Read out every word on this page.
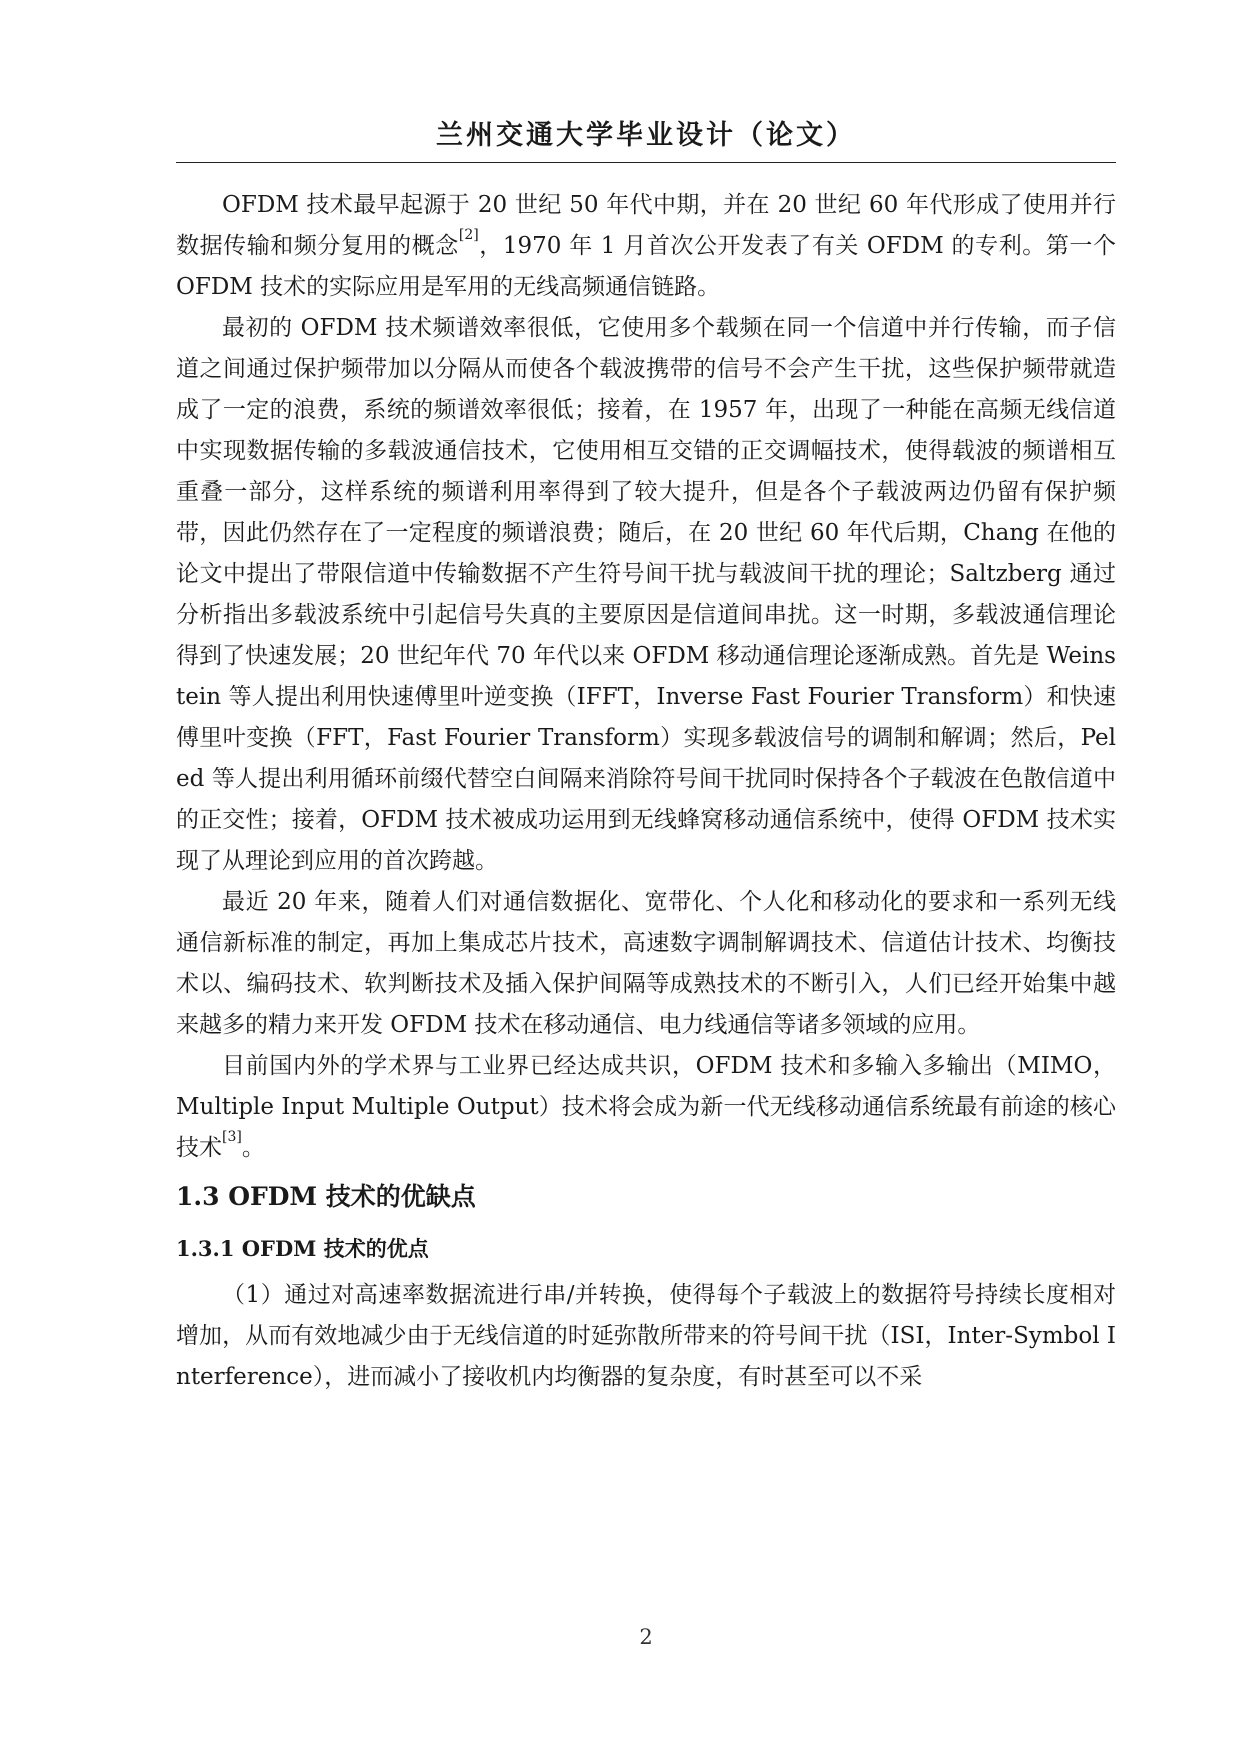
兰州交通大学毕业设计（论文）

OFDM 技术最早起源于 20 世纪 50 年代中期，并在 20 世纪 60 年代形成了使用并行数据传输和频分复用的概念[2]，1970 年 1 月首次公开发表了有关 OFDM 的专利。第一个 OFDM 技术的实际应用是军用的无线高频通信链路。

最初的 OFDM 技术频谱效率很低，它使用多个载频在同一个信道中并行传输，而子信道之间通过保护频带加以分隔从而使各个载波携带的信号不会产生干扰，这些保护频带就造成了一定的浪费，系统的频谱效率很低；接着，在 1957 年，出现了一种能在高频无线信道中实现数据传输的多载波通信技术，它使用相互交错的正交调幅技术，使得载波的频谱相互重叠一部分，这样系统的频谱利用率得到了较大提升，但是各个子载波两边仍留有保护频带，因此仍然存在了一定程度的频谱浪费；随后，在 20 世纪 60 年代后期，Chang 在他的论文中提出了带限信道中传输数据不产生符号间干扰与载波间干扰的理论；Saltzberg 通过分析指出多载波系统中引起信号失真的主要原因是信道间串扰。这一时期，多载波通信理论得到了快速发展；20 世纪年代 70 年代以来 OFDM 移动通信理论逐渐成熟。首先是 Weinstein 等人提出利用快速傅里叶逆变换（IFFT，Inverse Fast Fourier Transform）和快速傅里叶变换（FFT，Fast Fourier Transform）实现多载波信号的调制和解调；然后，Peled 等人提出利用循环前缀代替空白间隔来消除符号间干扰同时保持各个子载波在色散信道中的正交性；接着，OFDM 技术被成功运用到无线蜂窝移动通信系统中，使得 OFDM 技术实现了从理论到应用的首次跨越。

最近 20 年来，随着人们对通信数据化、宽带化、个人化和移动化的要求和一系列无线通信新标准的制定，再加上集成芯片技术，高速数字调制解调技术、信道估计技术、均衡技术以、编码技术、软判断技术及插入保护间隔等成熟技术的不断引入，人们已经开始集中越来越多的精力来开发 OFDM 技术在移动通信、电力线通信等诸多领域的应用。

目前国内外的学术界与工业界已经达成共识，OFDM 技术和多输入多输出（MIMO，Multiple Input Multiple Output）技术将会成为新一代无线移动通信系统最有前途的核心技术[3]。

1.3 OFDM 技术的优缺点
1.3.1 OFDM 技术的优点

（1）通过对高速率数据流进行串/并转换，使得每个子载波上的数据符号持续长度相对增加，从而有效地减少由于无线信道的时延弥散所带来的符号间干扰（ISI，Inter-Symbol Interference），进而减小了接收机内均衡器的复杂度，有时甚至可以不采

2
